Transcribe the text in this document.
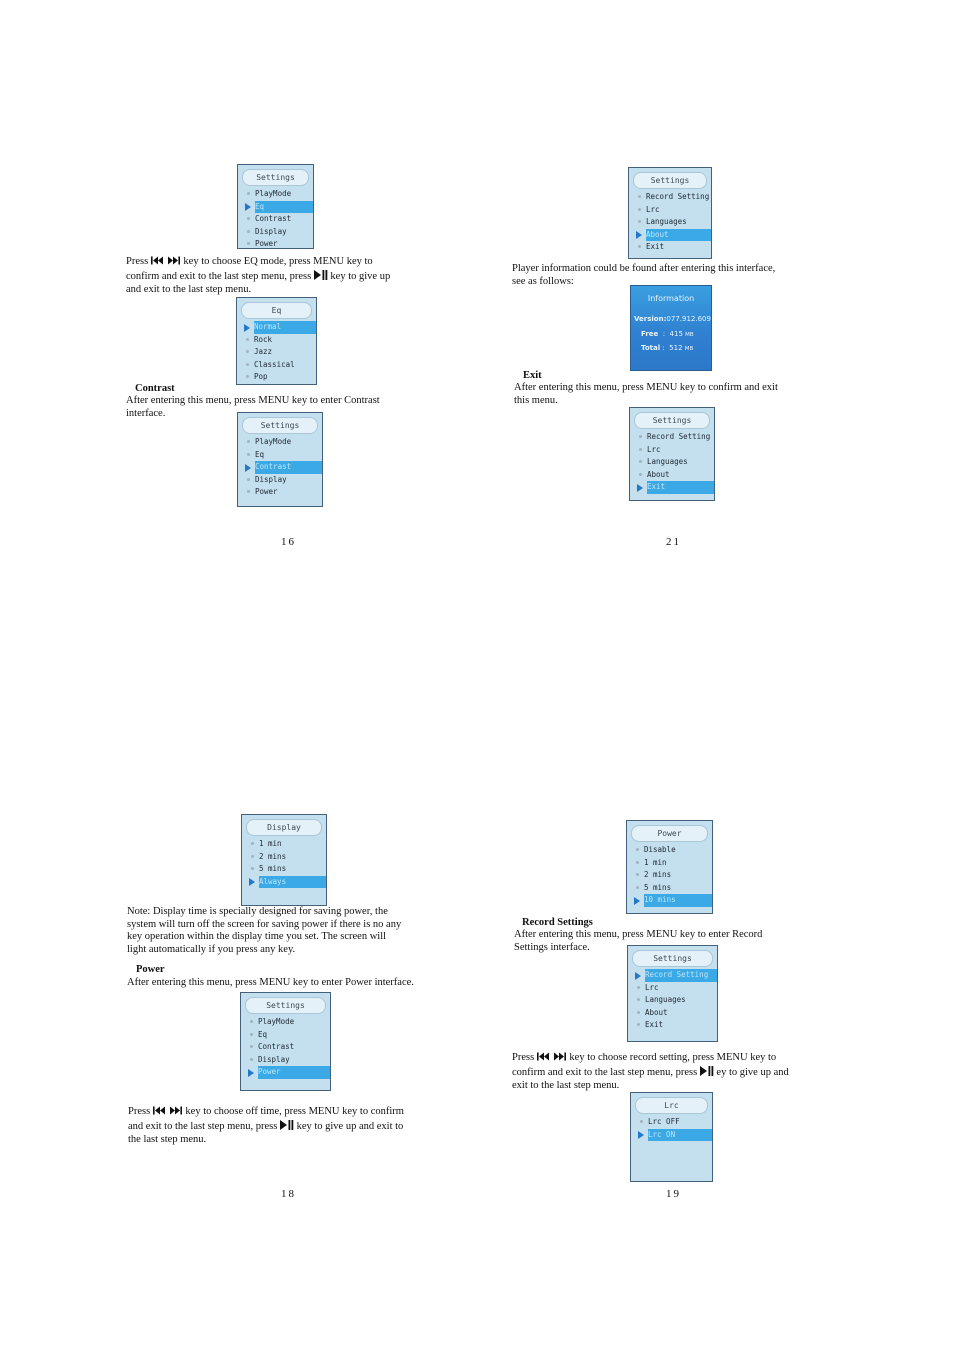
Settings
PlayMode
Eq
Contrast
Display
Power
Press	key to choose EQ mode, press MENU key to
confirm and exit to the last step menu, press key to give up
and exit to the last step menu.
Eq
Normal
Rock
Jazz
Classical
Pop
Contrast
After entering this menu, press MENU key to enter Contrast
interface.
Settings
PlayMode
Eq
Contrast
Display
Power
16
Settings
Record Setting
Lrc
Languages
About
Exit
Player information could be found after entering this interface,
see as follows:
Information
Version:077.912.609
Free : 415 MB
Total : 512 MB
Exit
After entering this menu, press MENU key to confirm and exit
this menu.
Settings
Record Setting
Lrc
Languages
About
Exit
21
Display
1 min
2 mins
5 mins
Always
Note: Display time is specially designed for saving power, the
system will turn off the screen for saving power if there is no any
key operation within the display time you set. The screen will
light automatically if you press any key.
Power
After entering this menu, press MENU key to enter Power interface.
Settings
PlayMode
Eq
Contrast
Display
Power
Press	key to choose off time, press MENU key to confirm
and exit to the last step menu, press key to give up and exit to
the last step menu.
18
Power
Disable
1 min
2 mins
5 mins
10 mins
Record Settings
After entering this menu, press MENU key to enter Record
Settings interface.
Settings
Record Setting
Lrc
Languages
About
Exit
Press	key to choose record setting, press MENU key to
confirm and exit to the last step menu, press ey to give up and
exit to the last step menu.
Lrc
Lrc OFF
Lrc ON
19
